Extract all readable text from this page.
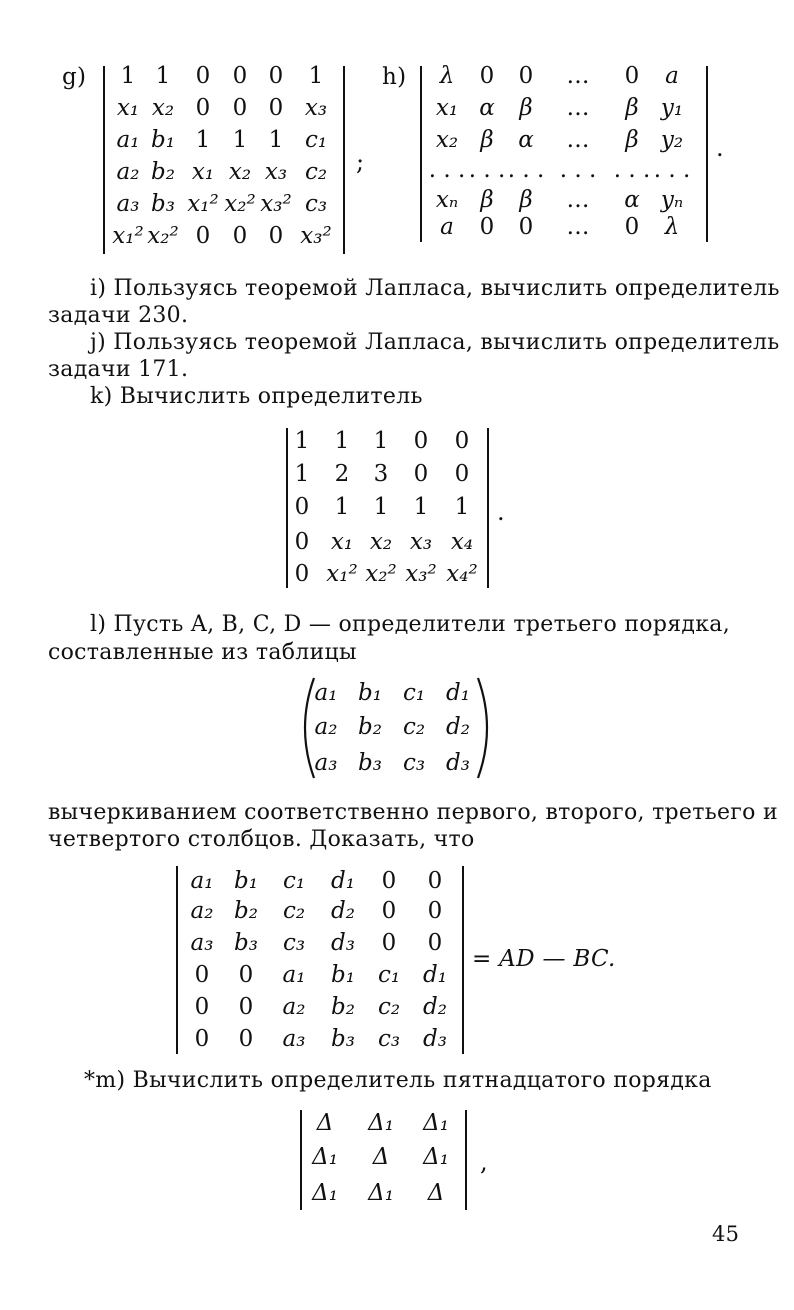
g) 1 1 0 0 0 1
x₁ x₂ 0 0 0 x₃
a₁ b₁ 1 1 1 c₁
a₂ b₂ x₁ x₂ x₃ c₂
a₃ b₃ x₁² x₂² x₃² c₃
x₁² x₂² 0 0 0 x₃²
;
h) λ 0 0 … 0 a
x₁ α β … β y₁
x₂ β α … β y₂
. . . . . . . . . . . . . . . . . .
xₙ β β … α yₙ
a 0 0 … 0 λ
.
i) Пользуясь теоремой Лапласа, вычислить определитель
задачи 230.
j) Пользуясь теоремой Лапласа, вычислить определитель
задачи 171.
k) Вычислить определитель
1 1 1 0 0
1 2 3 0 0
0 1 1 1 1
0 x₁ x₂ x₃ x₄
0 x₁² x₂² x₃² x₄²
.
l) Пусть A, B, C, D — определители третьего порядка,
составленные из таблицы
a₁ b₁ c₁ d₁
a₂ b₂ c₂ d₂
a₃ b₃ c₃ d₃
вычеркиванием соответственно первого, второго, третьего и
четвертого столбцов. Доказать, что
a₁ b₁ c₁ d₁ 0 0
a₂ b₂ c₂ d₂ 0 0
a₃ b₃ c₃ d₃ 0 0
0 0 a₁ b₁ c₁ d₁
0 0 a₂ b₂ c₂ d₂
0 0 a₃ b₃ c₃ d₃
= AD — BC.
*m) Вычислить определитель пятнадцатого порядка
Δ Δ₁ Δ₁
Δ₁ Δ Δ₁
Δ₁ Δ₁ Δ
,
45
